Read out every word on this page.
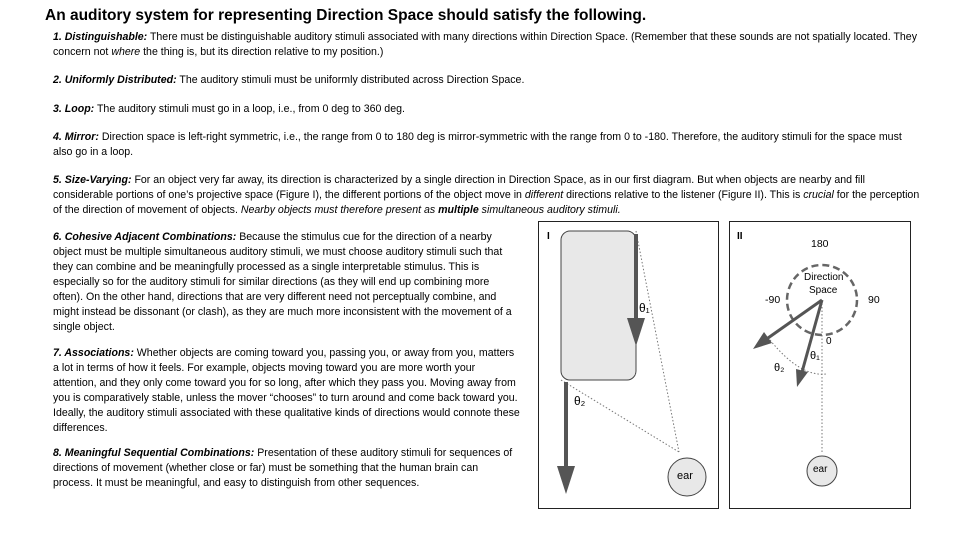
An auditory system for representing Direction Space should satisfy the following.
1. Distinguishable: There must be distinguishable auditory stimuli associated with many directions within Direction Space. (Remember that these sounds are not spatially located. They concern not where the thing is, but its direction relative to my position.)
2. Uniformly Distributed: The auditory stimuli must be uniformly distributed across Direction Space.
3. Loop: The auditory stimuli must go in a loop, i.e., from 0 deg to 360 deg.
4. Mirror: Direction space is left-right symmetric, i.e., the range from 0 to 180 deg is mirror-symmetric with the range from 0 to -180. Therefore, the auditory stimuli for the space must also go in a loop.
5. Size-Varying: For an object very far away, its direction is characterized by a single direction in Direction Space, as in our first diagram. But when objects are nearby and fill considerable portions of one’s projective space (Figure I), the different portions of the object move in different directions relative to the listener (Figure II). This is crucial for the perception of the direction of movement of objects. Nearby objects must therefore present as multiple simultaneous auditory stimuli.
6. Cohesive Adjacent Combinations: Because the stimulus cue for the direction of a nearby object must be multiple simultaneous auditory stimuli, we must choose auditory stimuli such that they can combine and be meaningfully processed as a single interpretable stimulus. This is especially so for the auditory stimuli for similar directions (as they will end up combining more often). On the other hand, directions that are very different need not perceptually combine, and might instead be dissonant (or clash), as they are much more inconsistent with the movement of a single object.
7. Associations: Whether objects are coming toward you, passing you, or away from you, matters a lot in terms of how it feels. For example, objects moving toward you are more worth your attention, and they only come toward you for so long, after which they pass you. Moving away from you is comparatively stable, unless the mover “chooses” to turn around and come back toward you. Ideally, the auditory stimuli associated with these qualitative kinds of directions would connote these differences.
8. Meaningful Sequential Combinations: Presentation of these auditory stimuli for sequences of directions of movement (whether close or far) must be something that the human brain can process. It must be meaningful, and easy to distinguish from other sequences.
I
θ₁
θ₂
ear
II
180
-90	90
0
Direction
Space
θ₁
θ₂
ear
